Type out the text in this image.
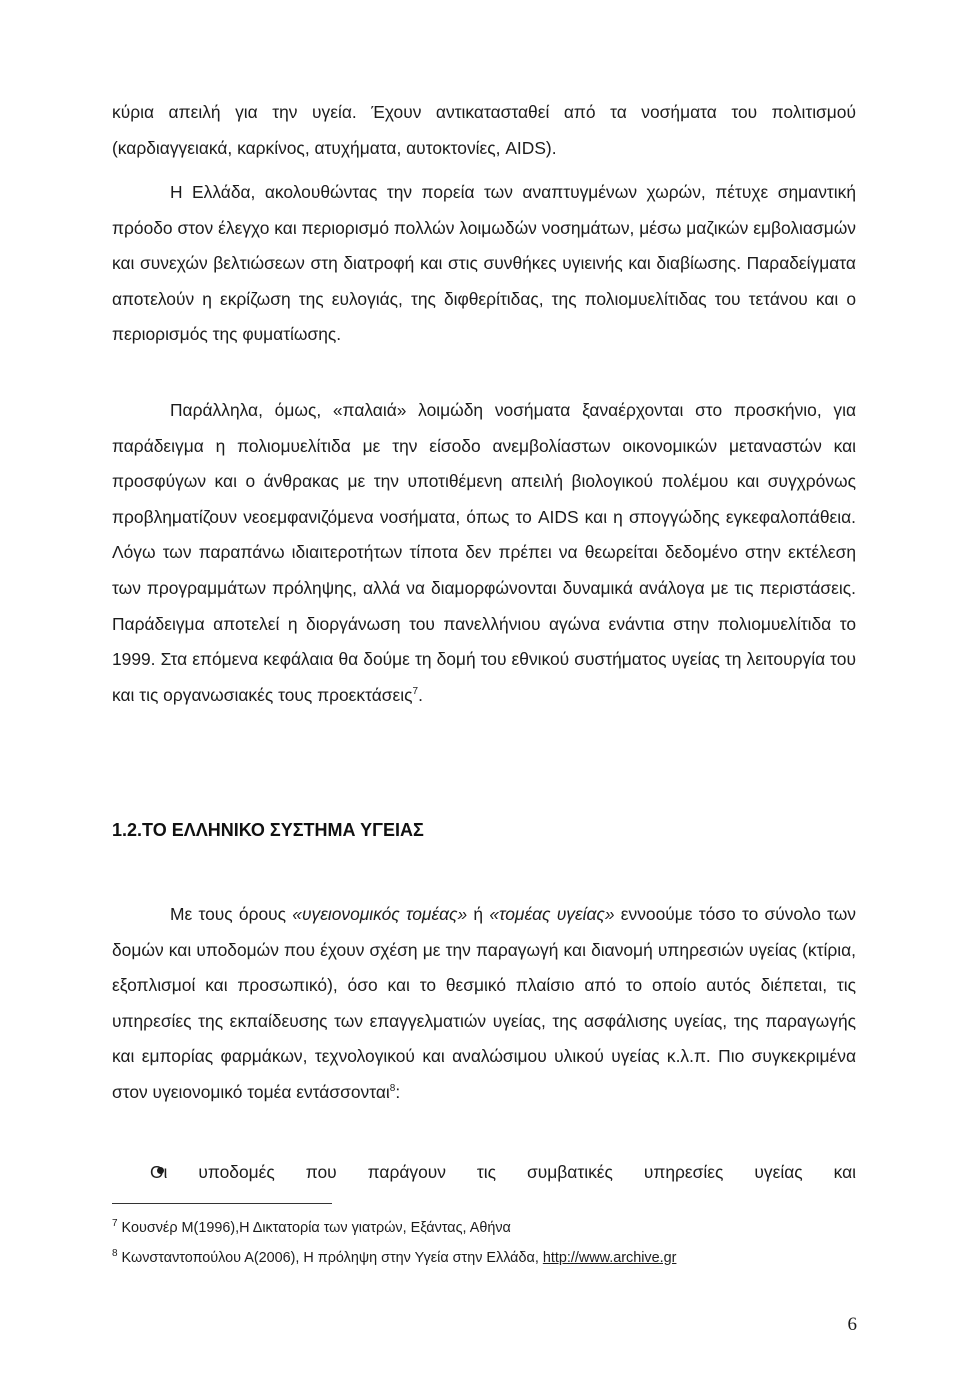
κύρια απειλή για την υγεία. Έχουν αντικατασταθεί από τα νοσήματα του πολιτισμού (καρδιαγγειακά, καρκίνος, ατυχήματα, αυτοκτονίες, AIDS).

Η Ελλάδα, ακολουθώντας την πορεία των αναπτυγμένων χωρών, πέτυχε σημαντική πρόοδο στον έλεγχο και περιορισμό πολλών λοιμωδών νοσημάτων, μέσω μαζικών εμβολιασμών και συνεχών βελτιώσεων στη διατροφή και στις συνθήκες υγιεινής και διαβίωσης. Παραδείγματα αποτελούν η εκρίζωση της ευλογιάς, της διφθερίτιδας, της πολιομυελίτιδας του τετάνου και ο περιορισμός της φυματίωσης.

Παράλληλα, όμως, «παλαιά» λοιμώδη νοσήματα ξαναέρχονται στο προσκήνιο, για παράδειγμα η πολιομυελίτιδα με την είσοδο ανεμβολίαστων οικονομικών μεταναστών και προσφύγων και ο άνθρακας με την υποτιθέμενη απειλή βιολογικού πολέμου και συγχρόνως προβληματίζουν νεοεμφανιζόμενα νοσήματα, όπως το AIDS και η σπογγώδης εγκεφαλοπάθεια. Λόγω των παραπάνω ιδιαιτεροτήτων τίποτα δεν πρέπει να θεωρείται δεδομένο στην εκτέλεση των προγραμμάτων πρόληψης, αλλά να διαμορφώνονται δυναμικά ανάλογα με τις περιστάσεις. Παράδειγμα αποτελεί η διοργάνωση του πανελλήνιου αγώνα ενάντια στην πολιομυελίτιδα το 1999. Στα επόμενα κεφάλαια θα δούμε τη δομή του εθνικού συστήματος υγείας τη λειτουργία του και τις οργανωσιακές τους προεκτάσεις$^7$.

1.2.ΤΟ ΕΛΛΗΝΙΚΟ ΣΥΣΤΗΜΑ ΥΓΕΙΑΣ

Με τους όρους «υγειονομικός τομέας» ή «τομέας υγείας» εννοούμε τόσο το σύνολο των δομών και υποδομών που έχουν σχέση με την παραγωγή και διανομή υπηρεσιών υγείας (κτίρια, εξοπλισμοί και προσωπικό), όσο και το θεσμικό πλαίσιο από το οποίο αυτός διέπεται, τις υπηρεσίες της εκπαίδευσης των επαγγελματιών υγείας, της ασφάλισης υγείας, της παραγωγής και εμπορίας φαρμάκων, τεχνολογικού και αναλώσιμου υλικού υγείας κ.λ.π. Πιο συγκεκριμένα στον υγειονομικό τομέα εντάσσονται$^8$:

Οι υποδομές που παράγουν τις συμβατικές υπηρεσίες υγείας και

$^7$ Κουσνέρ Μ(1996),Η Δικτατορία των γιατρών, Εξάντας, Αθήνα

$^8$ Κωνσταντοπούλου Α(2006), Η πρόληψη στην Υγεία στην Ελλάδα, http://www.archive.gr

6
